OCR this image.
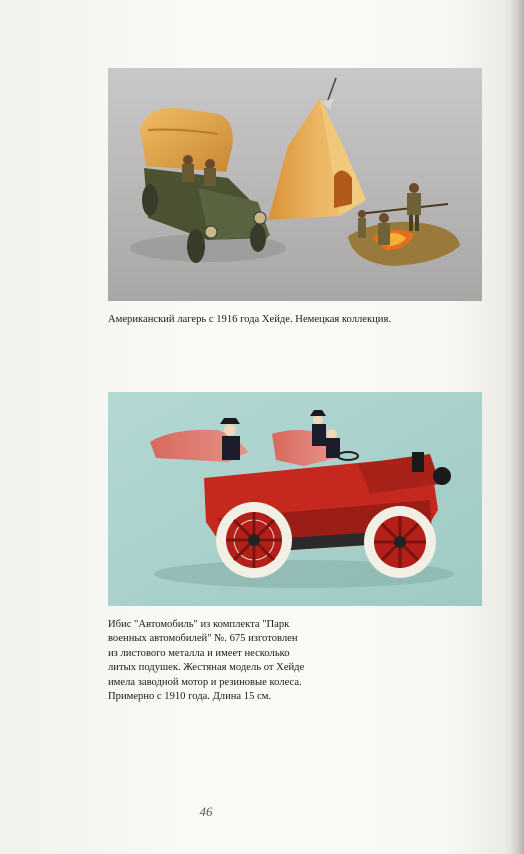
Американский лагерь с 1916 года Хейде. Немецкая коллекция.
Ибис "Автомобиль" из комплекта "Парк
военных автомобилей" №. 675 изготовлен
из листового металла и имеет несколько
литых подушек. Жестяная модель от Хейде
имела заводной мотор и резиновые колеса.
Примерно с 1910 года. Длина 15 см.
46
